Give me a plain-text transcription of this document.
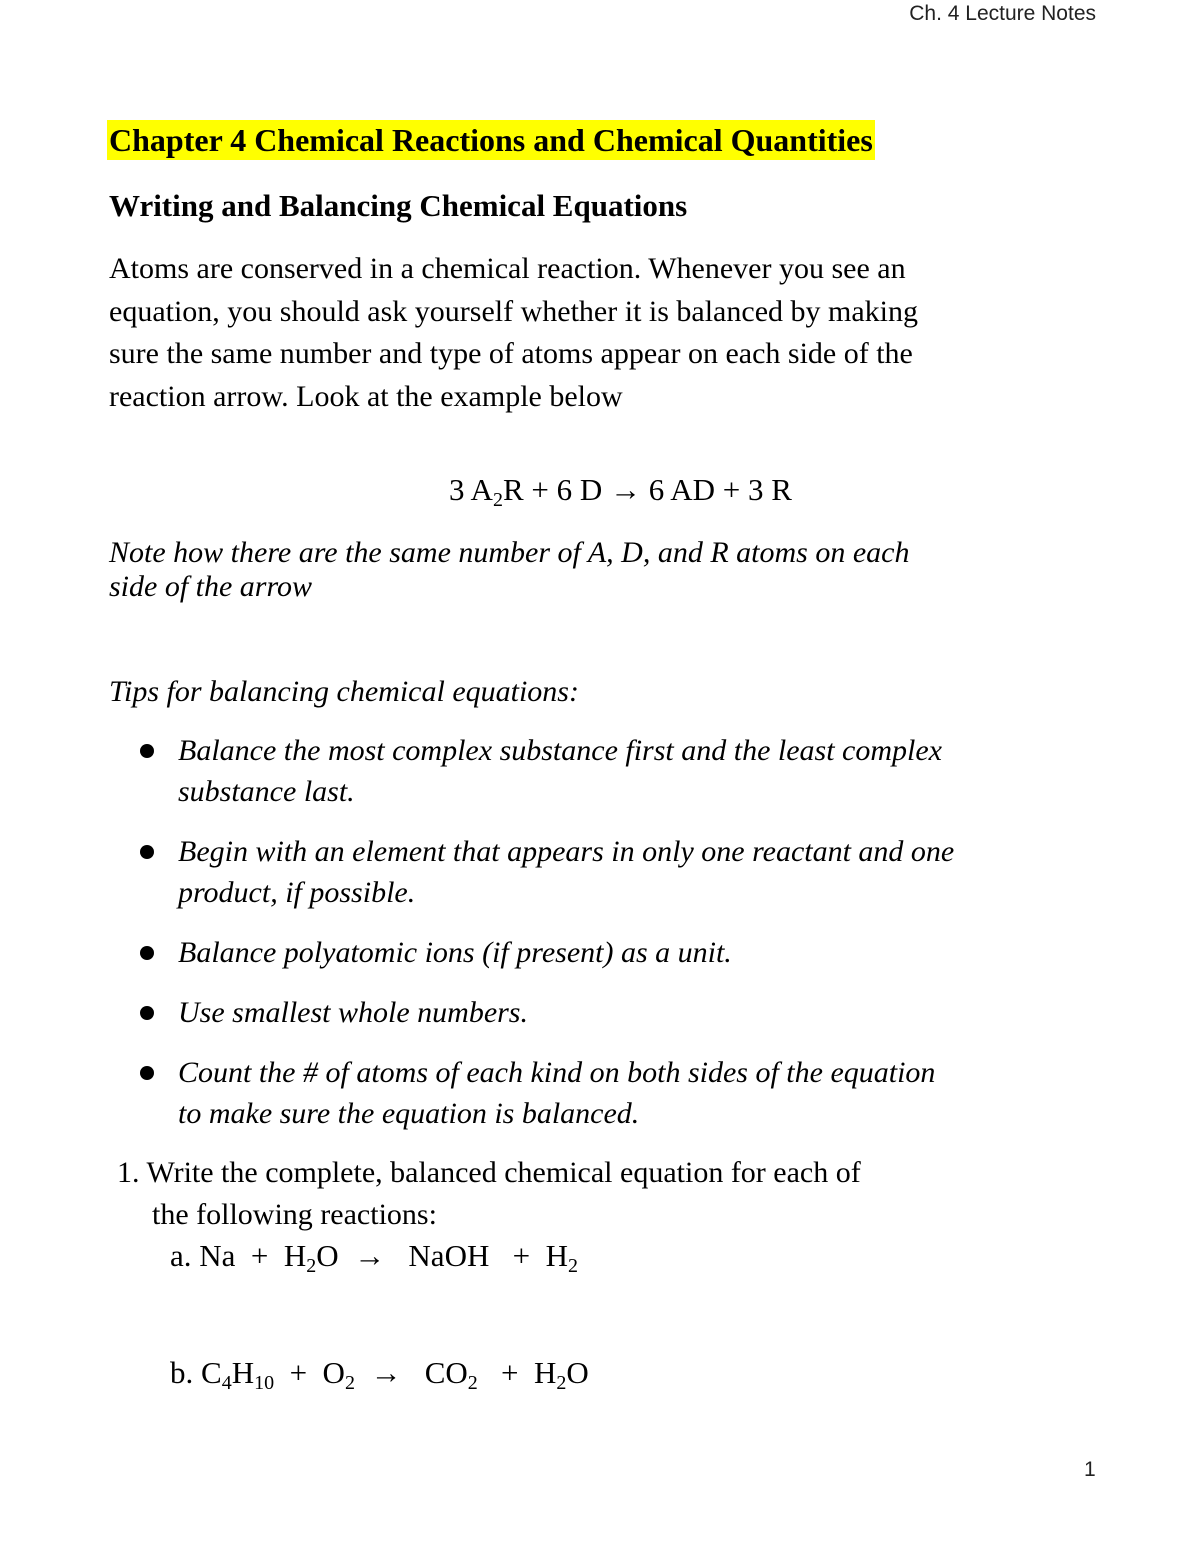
Ch. 4 Lecture Notes
Chapter 4 Chemical Reactions and Chemical Quantities
Writing and Balancing Chemical Equations
Atoms are conserved in a chemical reaction. Whenever you see an
equation, you should ask yourself whether it is balanced by making
sure the same number and type of atoms appear on each side of the
reaction arrow. Look at the example below
3 $A_2R + 6$ D → 6 AD + 3 R
Note how there are the same number of A, D, and R atoms on each
side of the arrow
Tips for balancing chemical equations:
Balance the most complex substance first and the least complex
substance last.
Begin with an element that appears in only one reactant and one
product, if possible.
Balance polyatomic ions (if present) as a unit.
Use smallest whole numbers.
Count the # of atoms of each kind on both sides of the equation
to make sure the equation is balanced.
1. Write the complete, balanced chemical equation for each of
the following reactions:
a. $Na + H_2O$  →   NaOH   +  $H_2$
b. $C_4H_{10} + O_2 \to CO_2 + H_2O$
1
